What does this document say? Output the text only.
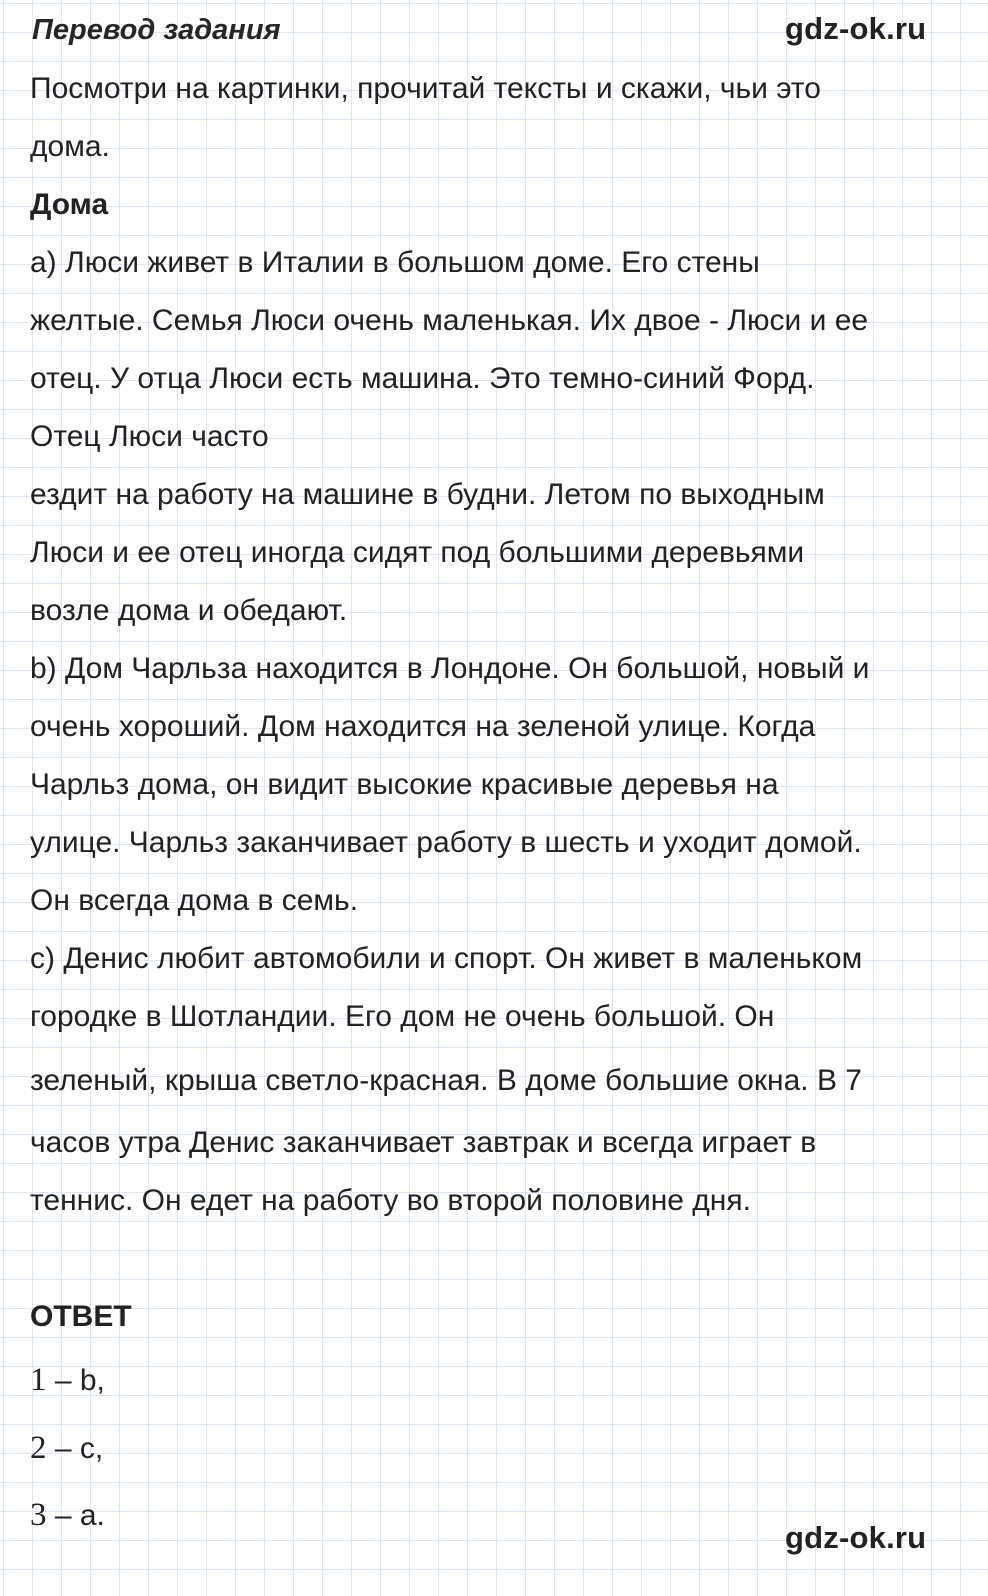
Перевод задания
Посмотри на картинки, прочитай тексты и скажи, чьи это
дома.
Дома
a) Люси живет в Италии в большом доме. Его стены
желтые. Семья Люси очень маленькая. Их двое - Люси и ее
отец. У отца Люси есть машина. Это темно-синий Форд.
Отец Люси часто
ездит на работу на машине в будни. Летом по выходным
Люси и ее отец иногда сидят под большими деревьями
возле дома и обедают.
b) Дом Чарльза находится в Лондоне. Он большой, новый и
очень хороший. Дом находится на зеленой улице. Когда
Чарльз дома, он видит высокие красивые деревья на
улице. Чарльз заканчивает работу в шесть и уходит домой.
Он всегда дома в семь.
с) Денис любит автомобили и спорт. Он живет в маленьком
городке в Шотландии. Его дом не очень большой. Он
зеленый, крыша светло-красная. В доме большие окна. В 7
часов утра Денис заканчивает завтрак и всегда играет в
теннис. Он едет на работу во второй половине дня.
ОТВЕТ
1 – b,
2 – с,
3 – а.
gdz-ok.ru
gdz-ok.ru
